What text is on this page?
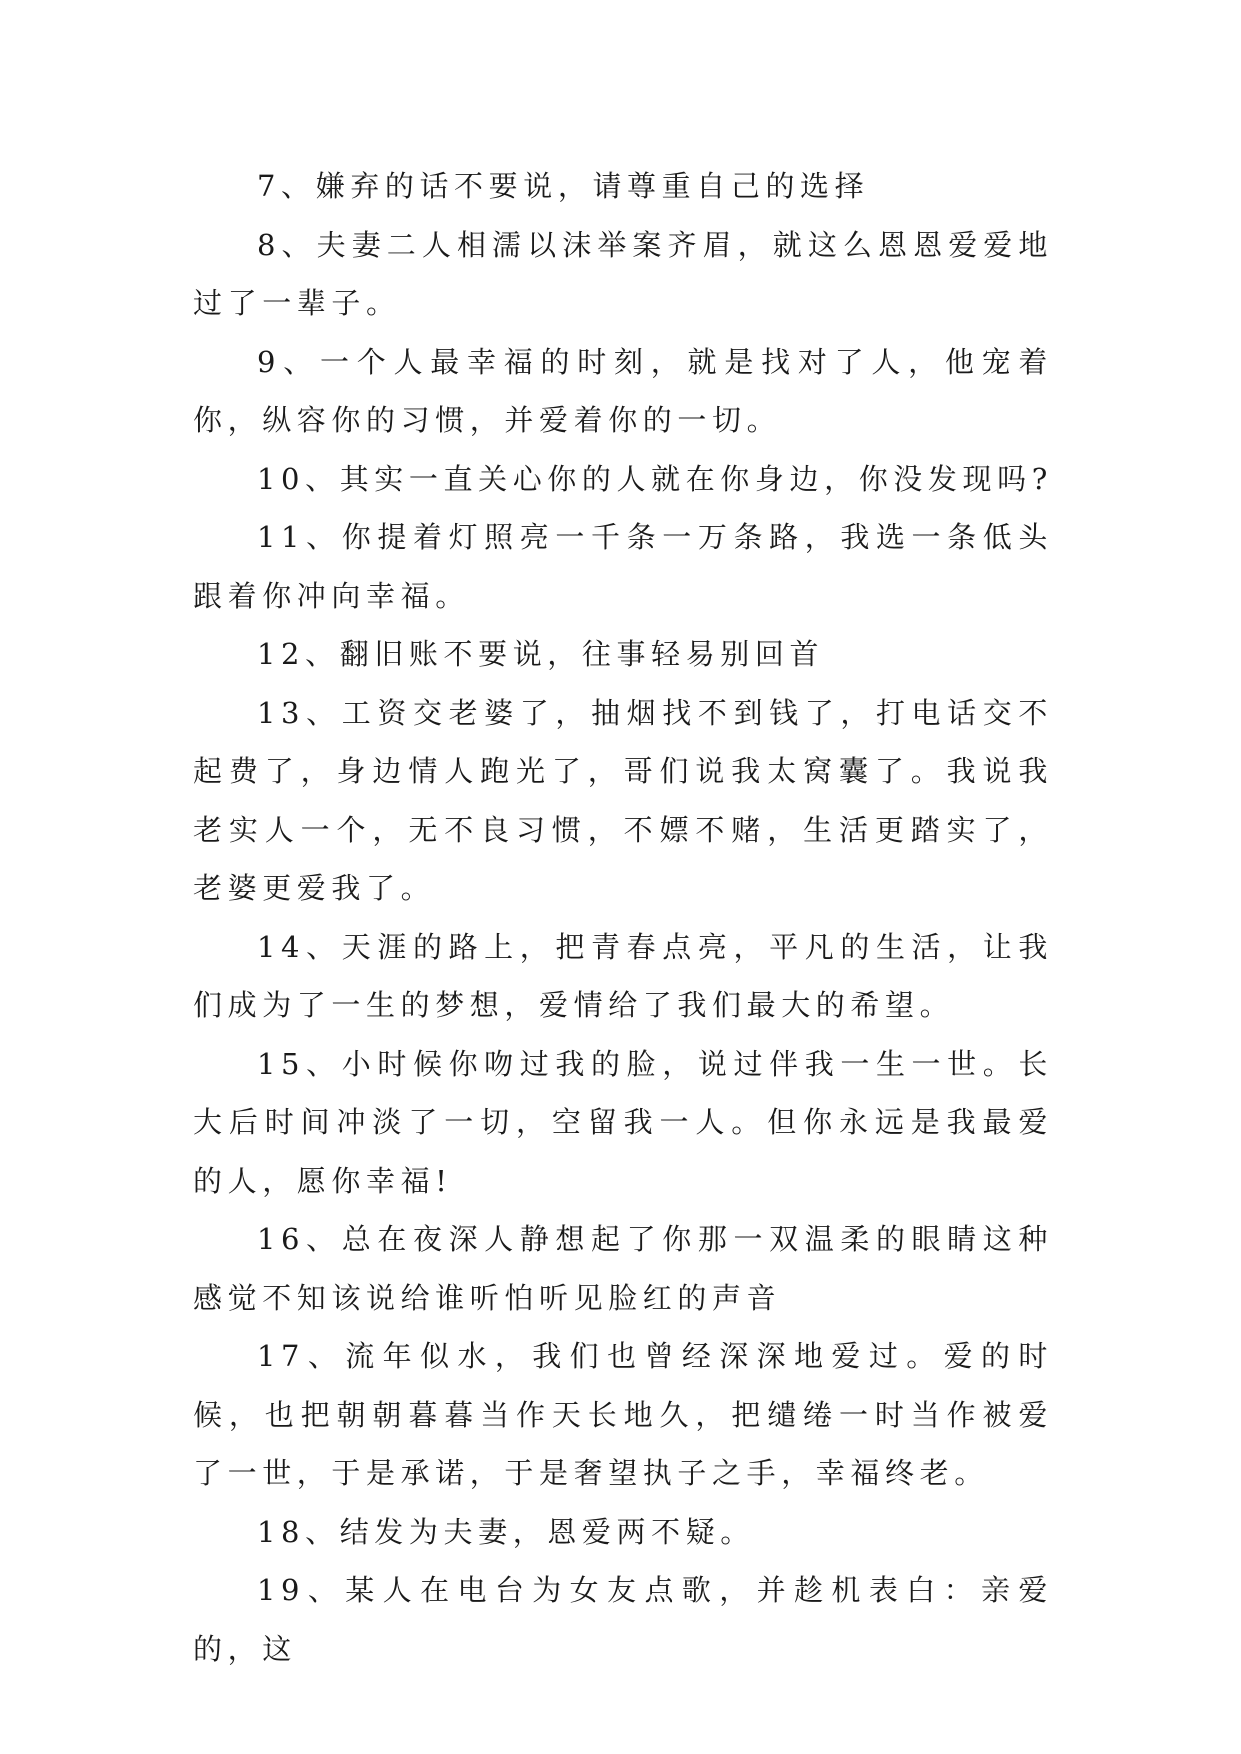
7、嫌弃的话不要说，请尊重自己的选择

8、夫妻二人相濡以沫举案齐眉，就这么恩恩爱爱地过了一辈子。

9、一个人最幸福的时刻，就是找对了人，他宠着你，纵容你的习惯，并爱着你的一切。

10、其实一直关心你的人就在你身边，你没发现吗?

11、你提着灯照亮一千条一万条路，我选一条低头跟着你冲向幸福。

12、翻旧账不要说，往事轻易别回首

13、工资交老婆了，抽烟找不到钱了，打电话交不起费了，身边情人跑光了，哥们说我太窝囊了。我说我老实人一个，无不良习惯，不嫖不赌，生活更踏实了，老婆更爱我了。

14、天涯的路上，把青春点亮，平凡的生活，让我们成为了一生的梦想，爱情给了我们最大的希望。

15、小时候你吻过我的脸，说过伴我一生一世。长大后时间冲淡了一切，空留我一人。但你永远是我最爱的人，愿你幸福!

16、总在夜深人静想起了你那一双温柔的眼睛这种感觉不知该说给谁听怕听见脸红的声音

17、流年似水，我们也曾经深深地爱过。爱的时候，也把朝朝暮暮当作天长地久，把缱绻一时当作被爱了一世，于是承诺，于是奢望执子之手，幸福终老。

18、结发为夫妻，恩爱两不疑。

19、某人在电台为女友点歌，并趁机表白：亲爱的，这
